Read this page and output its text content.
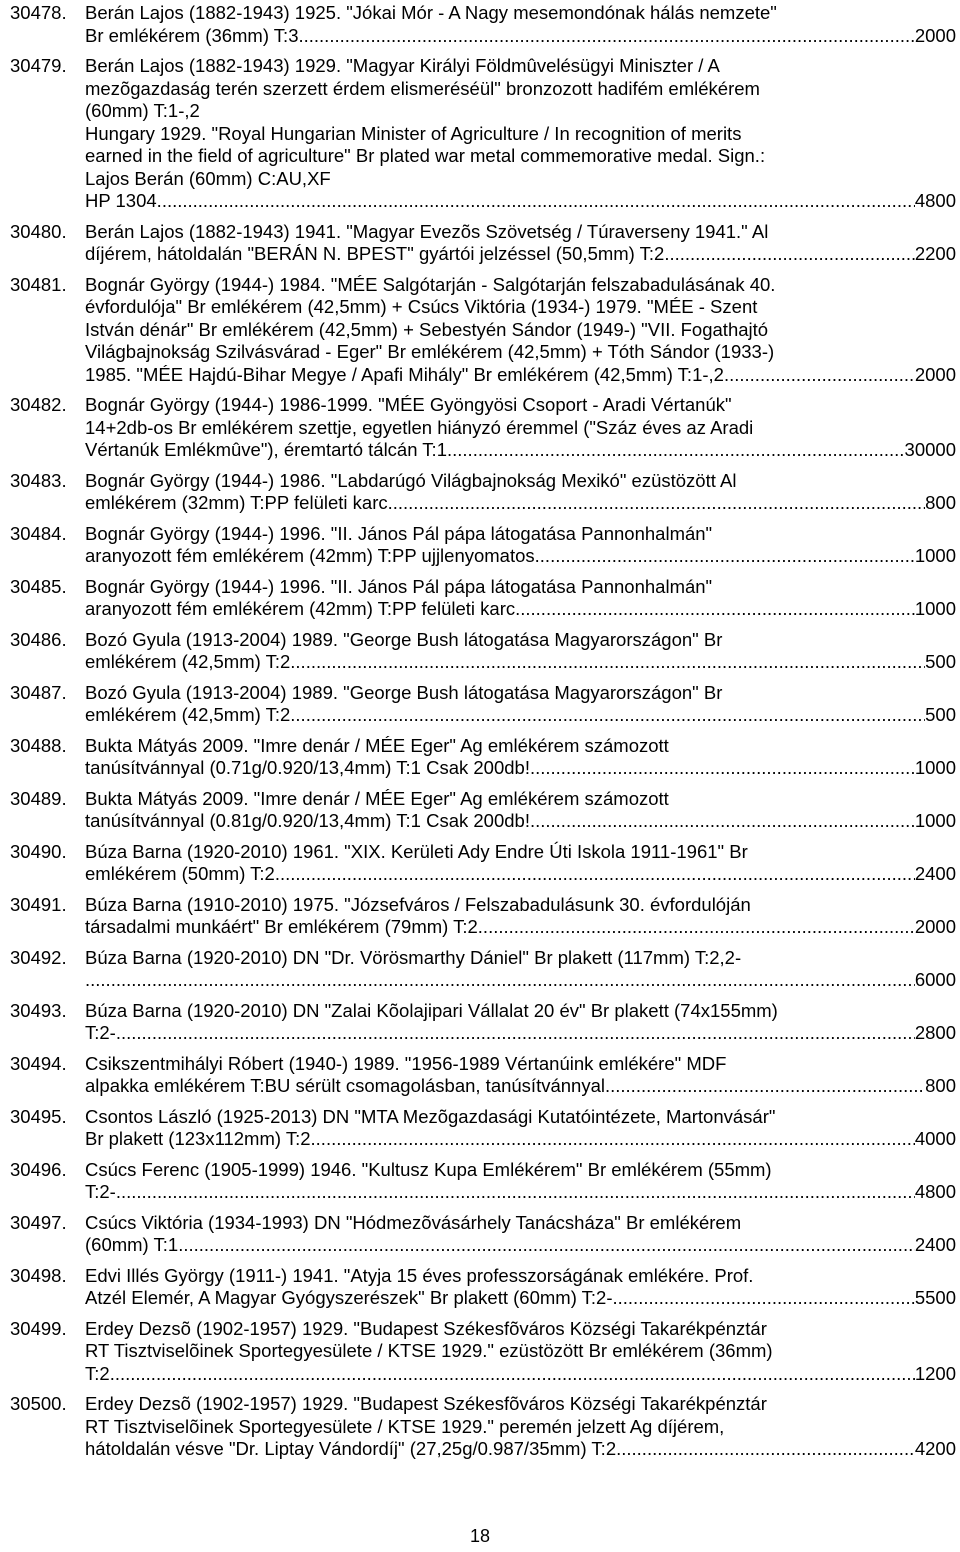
30478. Berán Lajos (1882-1943) 1925. "Jókai Mór - A Nagy mesemondónak hálás nemzete"
Br emlékérem (36mm) T:3 .....	2000
30479. Berán Lajos (1882-1943) 1929. "Magyar Királyi Földmûvelésügyi Miniszter / A
mezõgazdaság terén szerzett érdem elismeréséül" bronzozott hadifém emlékérem
(60mm) T:1-,2
Hungary 1929. "Royal Hungarian Minister of Agriculture / In recognition of merits
earned in the field of agriculture" Br plated war metal commemorative medal. Sign.:
Lajos Berán (60mm) C:AU,XF
HP 1304. .....	4800
30480. Berán Lajos (1882-1943) 1941. "Magyar Evezõs Szövetség / Túraverseny 1941." Al
díjérem, hátoldalán "BERÁN N. BPEST" gyártói jelzéssel (50,5mm) T:2 .....	2200
30481. Bognár György (1944-) 1984. "MÉE Salgótarján - Salgótarján felszabadulásának 40.
évfordulója" Br emlékérem (42,5mm) + Csúcs Viktória (1934-) 1979. "MÉE - Szent
István dénár" Br emlékérem (42,5mm) + Sebestyén Sándor (1949-) "VII. Fogathajtó
Világbajnokság Szilvásvárad - Eger" Br emlékérem (42,5mm) + Tóth Sándor (1933-)
1985. "MÉE Hajdú-Bihar Megye / Apafi Mihály" Br emlékérem (42,5mm) T:1-,2 .....	2000
30482. Bognár György (1944-) 1986-1999. "MÉE Gyöngyösi Csoport - Aradi Vértanúk"
14+2db-os Br emlékérem szettje, egyetlen hiányzó éremmel ("Száz éves az Aradi
Vértanúk Emlékmûve"), éremtartó tálcán T:1 .....	30000
30483. Bognár György (1944-) 1986. "Labdarúgó Világbajnokság Mexikó" ezüstözött Al
emlékérem (32mm) T:PP felületi karc .....	800
30484. Bognár György (1944-) 1996. "II. János Pál pápa látogatása Pannonhalmán"
aranyozott fém emlékérem (42mm) T:PP ujjlenyomatos .....	1000
30485. Bognár György (1944-) 1996. "II. János Pál pápa látogatása Pannonhalmán"
aranyozott fém emlékérem (42mm) T:PP felületi karc .....	1000
30486. Bozó Gyula (1913-2004) 1989. "George Bush látogatása Magyarországon" Br
emlékérem (42,5mm) T:2 .....	500
30487. Bozó Gyula (1913-2004) 1989. "George Bush látogatása Magyarországon" Br
emlékérem (42,5mm) T:2 .....	500
30488. Bukta Mátyás 2009. "Imre denár / MÉE Eger" Ag emlékérem számozott
tanúsítvánnyal (0.71g/0.920/13,4mm) T:1 Csak 200db! .....	1000
30489. Bukta Mátyás 2009. "Imre denár / MÉE Eger" Ag emlékérem számozott
tanúsítvánnyal (0.81g/0.920/13,4mm) T:1 Csak 200db! .....	1000
30490. Búza Barna (1920-2010) 1961. "XIX. Kerületi Ady Endre Úti Iskola 1911-1961" Br
emlékérem (50mm) T:2 .....	2400
30491. Búza Barna (1910-2010) 1975. "Józsefváros / Felszabadulásunk 30. évfordulóján
társadalmi munkáért" Br emlékérem (79mm) T:2 .....	2000
30492. Búza Barna (1920-2010) DN "Dr. Vörösmarthy Dániel" Br plakett (117mm) T:2,2-
.....
6000
30493. Búza Barna (1920-2010) DN "Zalai Kõolajipari Vállalat 20 év" Br plakett (74x155mm)
T:2- .....	2800
30494. Csikszentmihályi Róbert (1940-) 1989. "1956-1989 Vértanúink emlékére" MDF
alpakka emlékérem T:BU sérült csomagolásban, tanúsítvánnyal .....	800
30495. Csontos László (1925-2013) DN "MTA Mezõgazdasági Kutatóintézete, Martonvásár"
Br plakett (123x112mm) T:2 .....	4000
30496. Csúcs Ferenc (1905-1999) 1946. "Kultusz Kupa Emlékérem" Br emlékérem (55mm)
T:2- .....	4800
30497. Csúcs Viktória (1934-1993) DN "Hódmezõvásárhely Tanácsháza" Br emlékérem
(60mm) T:1 .....	2400
30498. Edvi Illés György (1911-) 1941. "Atyja 15 éves professzorságának emlékére. Prof.
Atzél Elemér, A Magyar Gyógyszerészek" Br plakett (60mm) T:2- .....	5500
30499. Erdey Dezsõ (1902-1957) 1929. "Budapest Székesfõváros Községi Takarékpénztár
RT Tisztviselõinek Sportegyesülete / KTSE 1929." ezüstözött Br emlékérem (36mm)
T:2 .....	1200
30500. Erdey Dezsõ (1902-1957) 1929. "Budapest Székesfõváros Községi Takarékpénztár
RT Tisztviselõinek Sportegyesülete / KTSE 1929." peremén jelzett Ag díjérem,
hátoldalán vésve "Dr. Liptay Vándordíj" (27,25g/0.987/35mm) T:2 .....	4200
18
